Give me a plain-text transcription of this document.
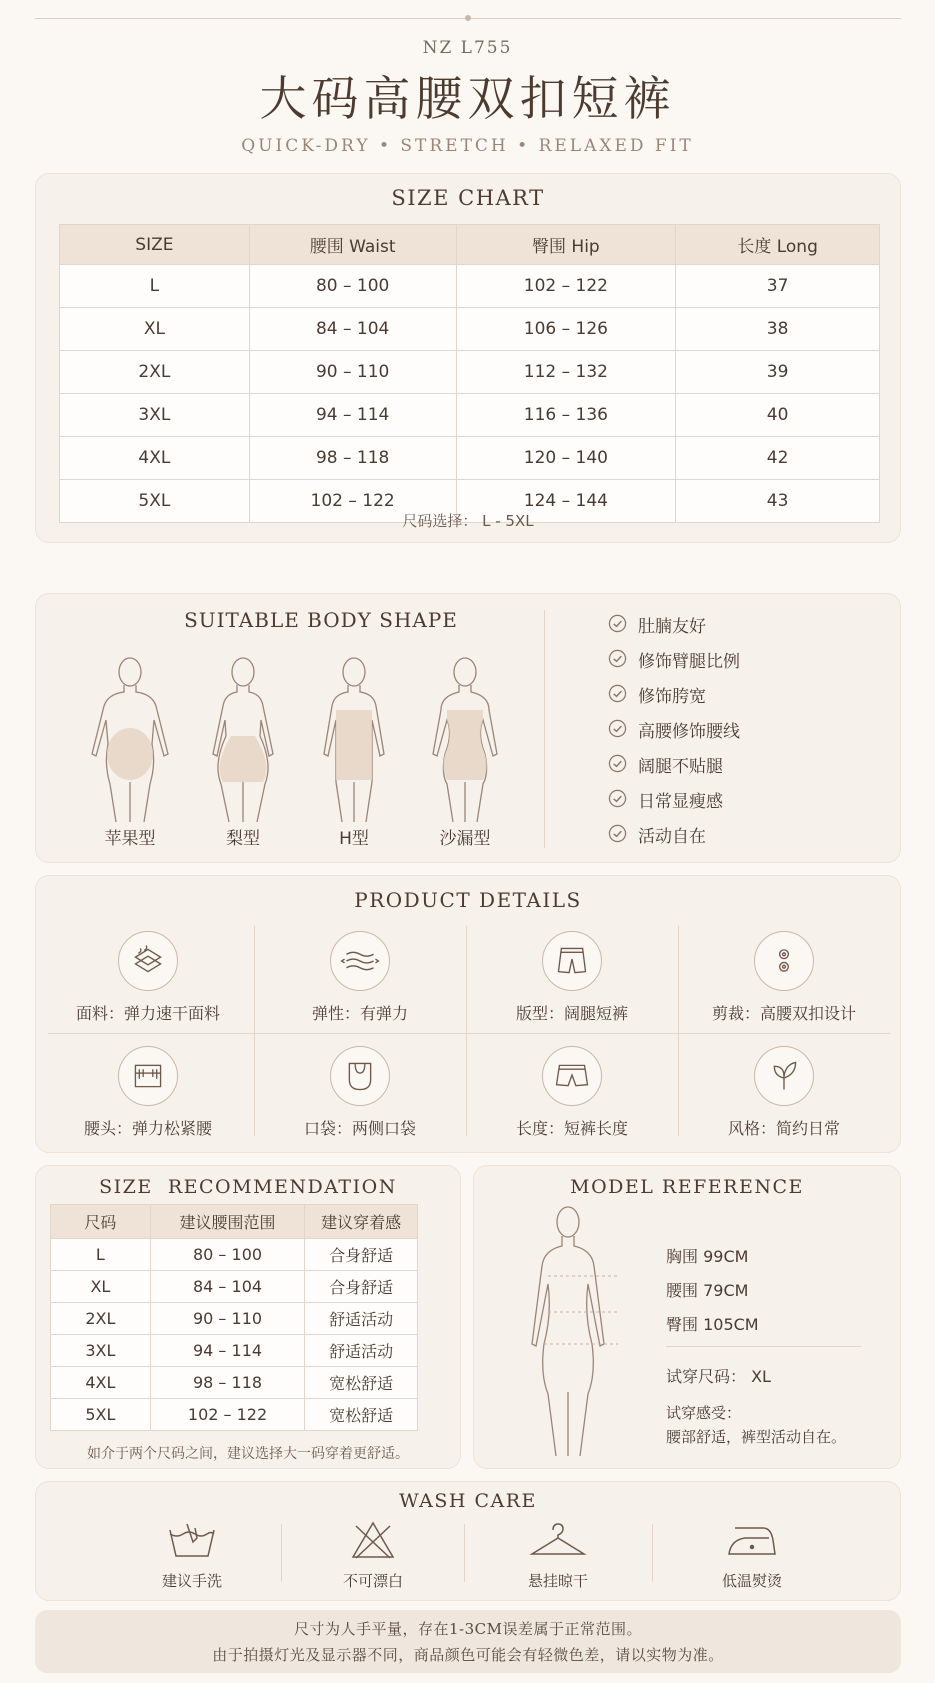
NZ L755
大码高腰双扣短裤
QUICK-DRY • STRETCH • RELAXED FIT
SIZE CHART
SIZE	腰围 Waist	臀围 Hip	长度 Long
L	80 – 100	102 – 122	37
XL	84 – 104	106 – 126	38
2XL	90 – 110	112 – 132	39
3XL	94 – 114	116 – 136	40
4XL	98 – 118	120 – 140	42
5XL	102 – 122	124 – 144	43
尺码选择： L - 5XL
SUITABLE BODY SHAPE
苹果型	梨型	H型	沙漏型
肚腩友好
修饰臂腿比例
修饰胯宽
高腰修饰腰线
阔腿不贴腿
日常显瘦感
活动自在
PRODUCT DETAILS
面料：弹力速干面料	弹性：有弹力	版型：阔腿短裤	剪裁：高腰双扣设计
腰头：弹力松紧腰	口袋：两侧口袋	长度：短裤长度	风格：简约日常
SIZE  RECOMMENDATION
尺码	建议腰围范围	建议穿着感
L	80 – 100	合身舒适
XL	84 – 104	合身舒适
2XL	90 – 110	舒适活动
3XL	94 – 114	舒适活动
4XL	98 – 118	宽松舒适
5XL	102 – 122	宽松舒适
如介于两个尺码之间，建议选择大一码穿着更舒适。
MODEL REFERENCE
胸围 99CM
腰围 79CM
臀围 105CM
试穿尺码： XL
试穿感受：
腰部舒适，裤型活动自在。
WASH CARE
建议手洗	不可漂白	悬挂晾干	低温熨烫
尺寸为人手平量，存在1-3CM误差属于正常范围。
由于拍摄灯光及显示器不同，商品颜色可能会有轻微色差，请以实物为准。
